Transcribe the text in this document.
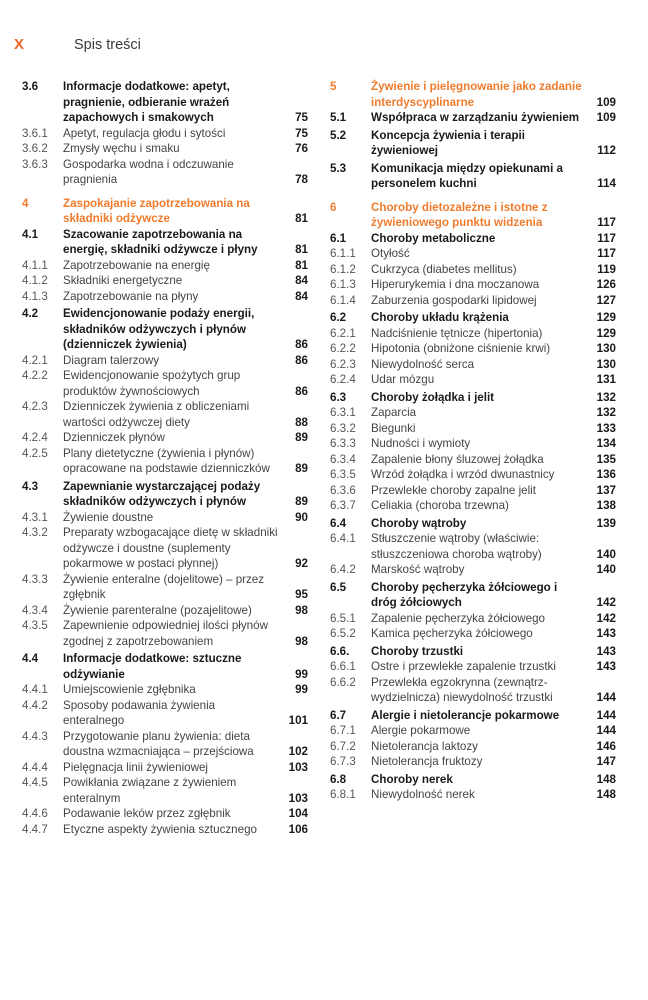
X	Spis treści
3.6	Informacje dodatkowe: apetyt, pragnienie, odbieranie wrażeń zapachowych i smakowych	75
3.6.1	Apetyt, regulacja głodu i sytości	75
3.6.2	Zmysły węchu i smaku	76
3.6.3	Gospodarka wodna i odczuwanie pragnienia	78
4	Zaspokajanie zapotrzebowania na składniki odżywcze	81
4.1	Szacowanie zapotrzebowania na energię, składniki odżywcze i płyny	81
4.1.1	Zapotrzebowanie na energię	81
4.1.2	Składniki energetyczne	84
4.1.3	Zapotrzebowanie na płyny	84
4.2	Ewidencjonowanie podaży energii, składników odżywczych i płynów (dzienniczek żywienia)	86
4.2.1	Diagram talerzowy	86
4.2.2	Ewidencjonowanie spożytych grup produktów żywnościowych	86
4.2.3	Dzienniczek żywienia z obliczeniami wartości odżywczej diety	88
4.2.4	Dzienniczek płynów	89
4.2.5	Plany dietetyczne (żywienia i płynów) opracowane na podstawie dzienniczków	89
4.3	Zapewnianie wystarczającej podaży składników odżywczych i płynów	89
4.3.1	Żywienie doustne	90
4.3.2	Preparaty wzbogacające dietę w składniki odżywcze i doustne (suplementy pokarmowe w postaci płynnej)	92
4.3.3	Żywienie enteralne (dojelitowe) – przez zgłębnik	95
4.3.4	Żywienie parenteralne (pozajelitowe)	98
4.3.5	Zapewnienie odpowiedniej ilości płynów zgodnej z zapotrzebowaniem	98
4.4	Informacje dodatkowe: sztuczne odżywianie	99
4.4.1	Umiejscowienie zgłębnika	99
4.4.2	Sposoby podawania żywienia enteralnego	101
4.4.3	Przygotowanie planu żywienia: dieta doustna wzmacniająca – przejściowa	102
4.4.4	Pielęgnacja linii żywieniowej	103
4.4.5	Powikłania związane z żywieniem enteralnym	103
4.4.6	Podawanie leków przez zgłębnik	104
4.4.7	Etyczne aspekty żywienia sztucznego	106
5	Żywienie i pielęgnowanie jako zadanie interdyscyplinarne	109
5.1	Współpraca w zarządzaniu żywieniem	109
5.2	Koncepcja żywienia i terapii żywieniowej	112
5.3	Komunikacja między opiekunami a personelem kuchni	114
6	Choroby dietozależne i istotne z żywieniowego punktu widzenia	117
6.1	Choroby metaboliczne	117
6.1.1	Otyłość	117
6.1.2	Cukrzyca (diabetes mellitus)	119
6.1.3	Hiperurykemia i dna moczanowa	126
6.1.4	Zaburzenia gospodarki lipidowej	127
6.2	Choroby układu krążenia	129
6.2.1	Nadciśnienie tętnicze (hipertonia)	129
6.2.2	Hipotonia (obniżone ciśnienie krwi)	130
6.2.3	Niewydolność serca	130
6.2.4	Udar mózgu	131
6.3	Choroby żołądka i jelit	132
6.3.1	Zaparcia	132
6.3.2	Biegunki	133
6.3.3	Nudności i wymioty	134
6.3.4	Zapalenie błony śluzowej żołądka	135
6.3.5	Wrzód żołądka i wrzód dwunastnicy	136
6.3.6	Przewlekłe choroby zapalne jelit	137
6.3.7	Celiakia (choroba trzewna)	138
6.4	Choroby wątroby	139
6.4.1	Stłuszczenie wątroby (właściwie: stłuszczeniowa choroba wątroby)	140
6.4.2	Marskość wątroby	140
6.5	Choroby pęcherzyka żółciowego i dróg żółciowych	142
6.5.1	Zapalenie pęcherzyka żółciowego	142
6.5.2	Kamica pęcherzyka żółciowego	143
6.6.	Choroby trzustki	143
6.6.1	Ostre i przewlekłe zapalenie trzustki	143
6.6.2	Przewlekła egzokrynna (zewnątrz-wydzielnicza) niewydolność trzustki	144
6.7	Alergie i nietolerancje pokarmowe	144
6.7.1	Alergie pokarmowe	144
6.7.2	Nietolerancja laktozy	146
6.7.3	Nietolerancja fruktozy	147
6.8	Choroby nerek	148
6.8.1	Niewydolność nerek	148
